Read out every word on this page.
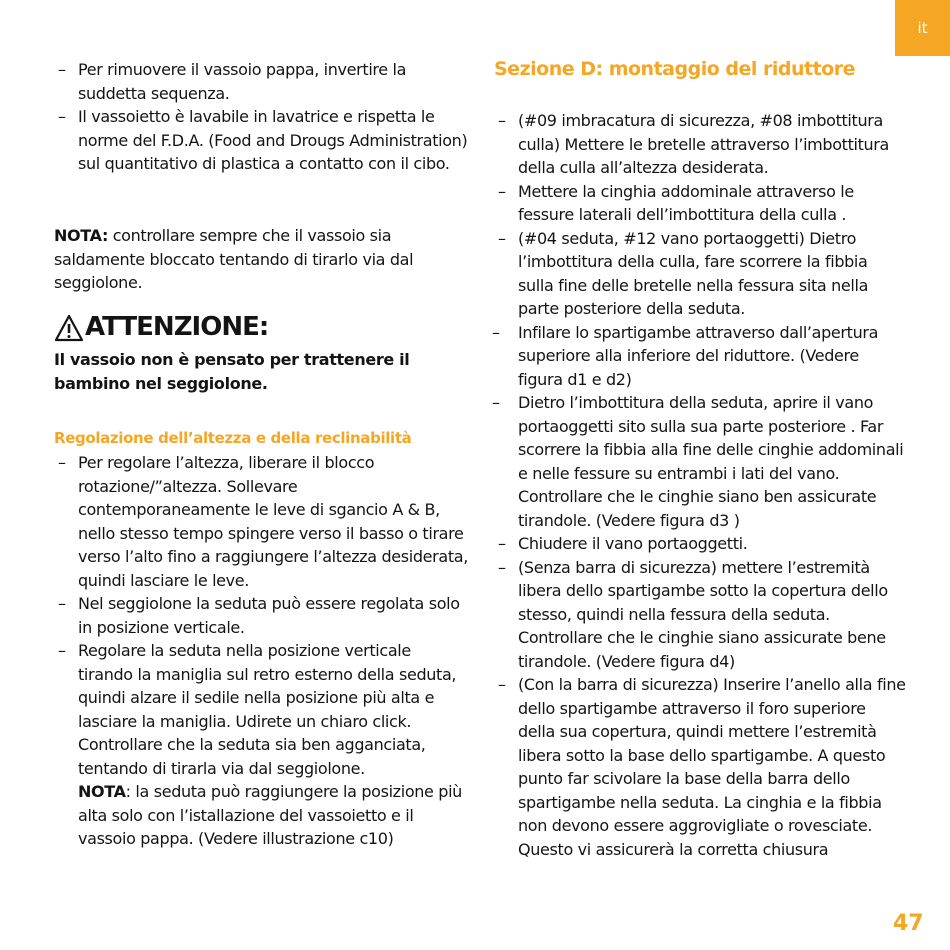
it
– Per rimuovere il vassoio pappa, invertire la suddetta sequenza.
– Il vassoietto è lavabile in lavatrice e rispetta le norme del F.D.A. (Food and Drougs Administration) sul quantitativo di plastica a contatto con il cibo.
NOTA: controllare sempre che il vassoio sia saldamente bloccato tentando di tirarlo via dal seggiolone.
ATTENZIONE:
Il vassoio non è pensato per trattenere il bambino nel seggiolone.
Regolazione dell’altezza e della reclinabilità
– Per regolare l’altezza, liberare il blocco rotazione/”altezza. Sollevare contemporaneamente le leve di sgancio A & B, nello stesso tempo spingere verso il basso o tirare verso l’alto fino a raggiungere l’altezza desiderata, quindi lasciare le leve.
– Nel seggiolone la seduta può essere regolata solo in posizione verticale.
– Regolare la seduta nella posizione verticale tirando la maniglia sul retro esterno della seduta, quindi alzare il sedile nella posizione più alta e lasciare la maniglia. Udirete un chiaro click. Controllare che la seduta sia ben agganciata, tentando di tirarla via dal seggiolone.
NOTA: la seduta può raggiungere la posizione più alta solo con l’istallazione del vassoietto e il vassoio pappa. (Vedere illustrazione c10)
Sezione D: montaggio del riduttore
– (#09 imbracatura di sicurezza, #08 imbottitura culla) Mettere le bretelle attraverso l’imbottitura della culla all’altezza desiderata.
– Mettere la cinghia addominale attraverso le fessure laterali dell’imbottitura della culla .
– (#04 seduta, #12 vano portaoggetti) Dietro l’imbottitura della culla, fare scorrere la fibbia sulla fine delle bretelle nella fessura sita nella parte posteriore della seduta.
– Infilare lo spartigambe attraverso dall’apertura superiore alla inferiore del riduttore. (Vedere figura d1 e d2)
– Dietro l’imbottitura della seduta, aprire il vano portaoggetti sito sulla sua parte posteriore . Far scorrere la fibbia alla fine delle cinghie addominali e nelle fessure su entrambi i lati del vano. Controllare che le cinghie siano ben assicurate tirandole. (Vedere figura d3 )
– Chiudere il vano portaoggetti.
– (Senza barra di sicurezza) mettere l’estremità libera dello spartigambe sotto la copertura dello stesso, quindi nella fessura della seduta. Controllare che le cinghie siano assicurate bene tirandole. (Vedere figura d4)
– (Con la barra di sicurezza) Inserire l’anello alla fine dello spartigambe attraverso il foro superiore della sua copertura, quindi mettere l’estremità libera sotto la base dello spartigambe. A questo punto far scivolare la base della barra dello spartigambe nella seduta. La cinghia e la fibbia non devono essere aggrovigliate o rovesciate. Questo vi assicurerà la corretta chiusura
47
